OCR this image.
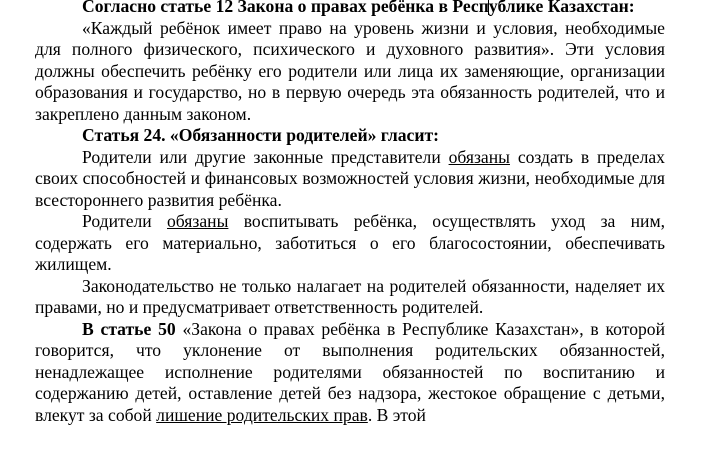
Согласно статье 12 Закона о правах ребёнка в Республике Казахстан:

«Каждый ребёнок имеет право на уровень жизни и условия, необходимые для полного физического, психического и духовного развития». Эти условия должны обеспечить ребёнку его родители или лица их заменяющие, организации образования и государство, но в первую очередь эта обязанность родителей, что и закреплено данным законом.

Статья 24. «Обязанности родителей» гласит:

Родители или другие законные представители обязаны создать в пределах своих способностей и финансовых возможностей условия жизни, необходимые для всестороннего развития ребёнка.

Родители обязаны воспитывать ребёнка, осуществлять уход за ним, содержать его материально, заботиться о его благосостоянии, обеспечивать жилищем.

Законодательство не только налагает на родителей обязанности, наделяет их правами, но и предусматривает ответственность родителей.

В статье 50 «Закона о правах ребёнка в Республике Казахстан», в которой говорится, что уклонение от выполнения родительских обязанностей, ненадлежащее исполнение родителями обязанностей по воспитанию и содержанию детей, оставление детей без надзора, жестокое обращение с детьми, влекут за собой лишение родительских прав. В этой
